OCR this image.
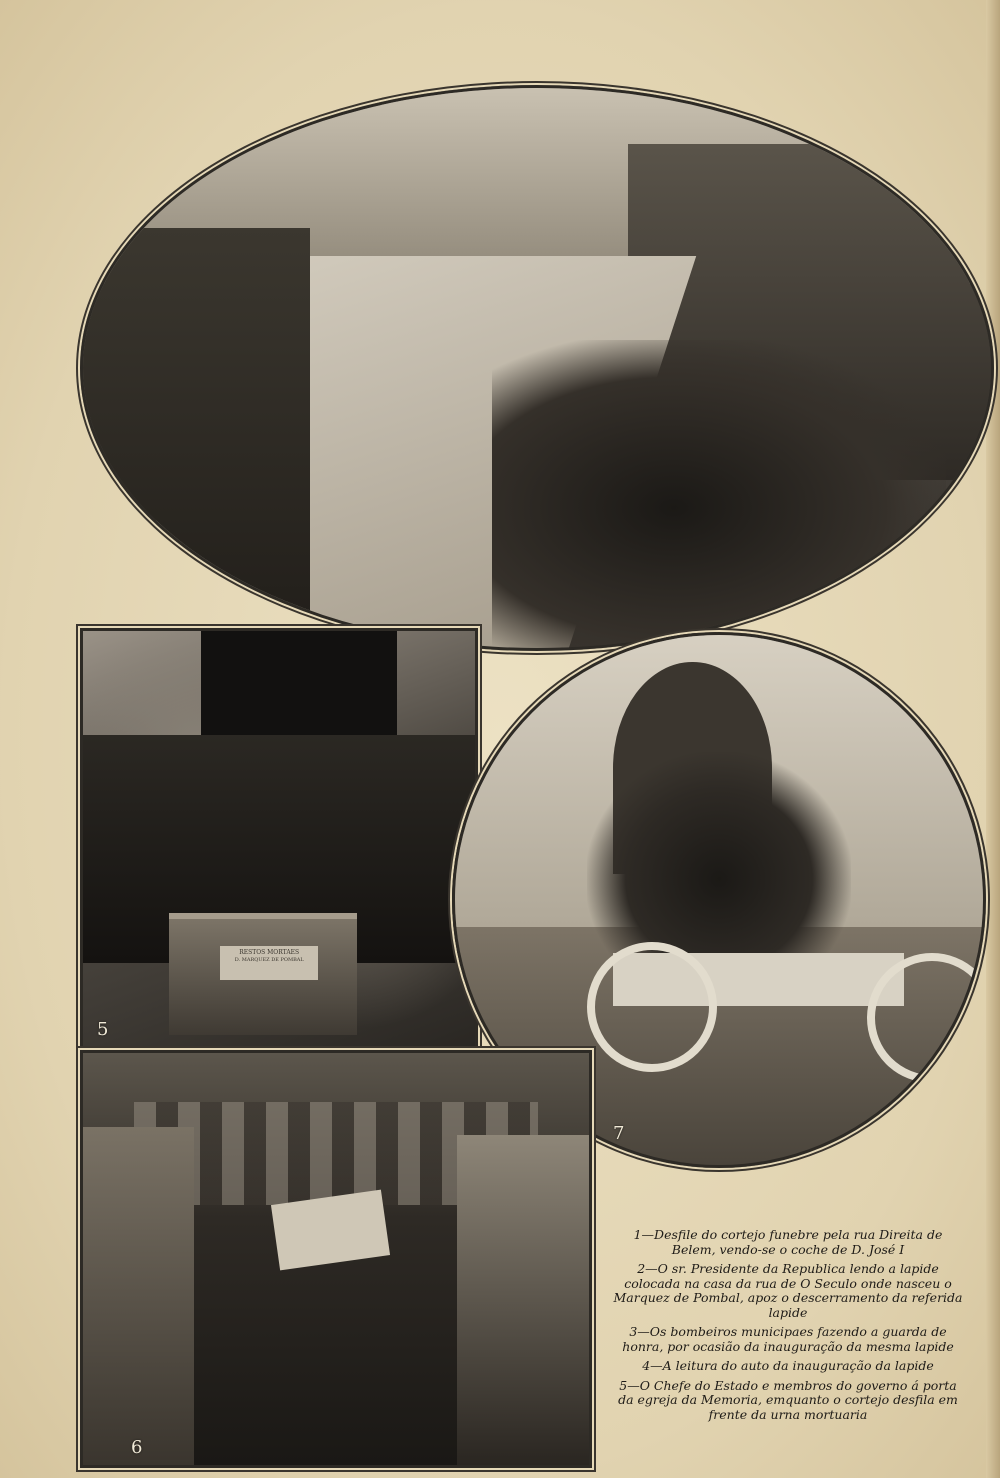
1
RESTOS MORTAES
D. MARQUEZ DE POMBAL
5
7
6

1—Desfile do cortejo funebre pela rua Direita de Belem, vendo-se o coche de D. José I

2—O sr. Presidente da Republica lendo a lapide colocada na casa da rua de O Seculo onde nasceu o Marquez de Pombal, apoz o descerramento da referida lapide

3—Os bombeiros municipaes fazendo a guarda de honra, por ocasião da inauguração da mesma lapide

4—A leitura do auto da inauguração da lapide

5—O Chefe do Estado e membros do governo á porta da egreja da Memoria, emquanto o cortejo desfila em frente da urna mortuaria
